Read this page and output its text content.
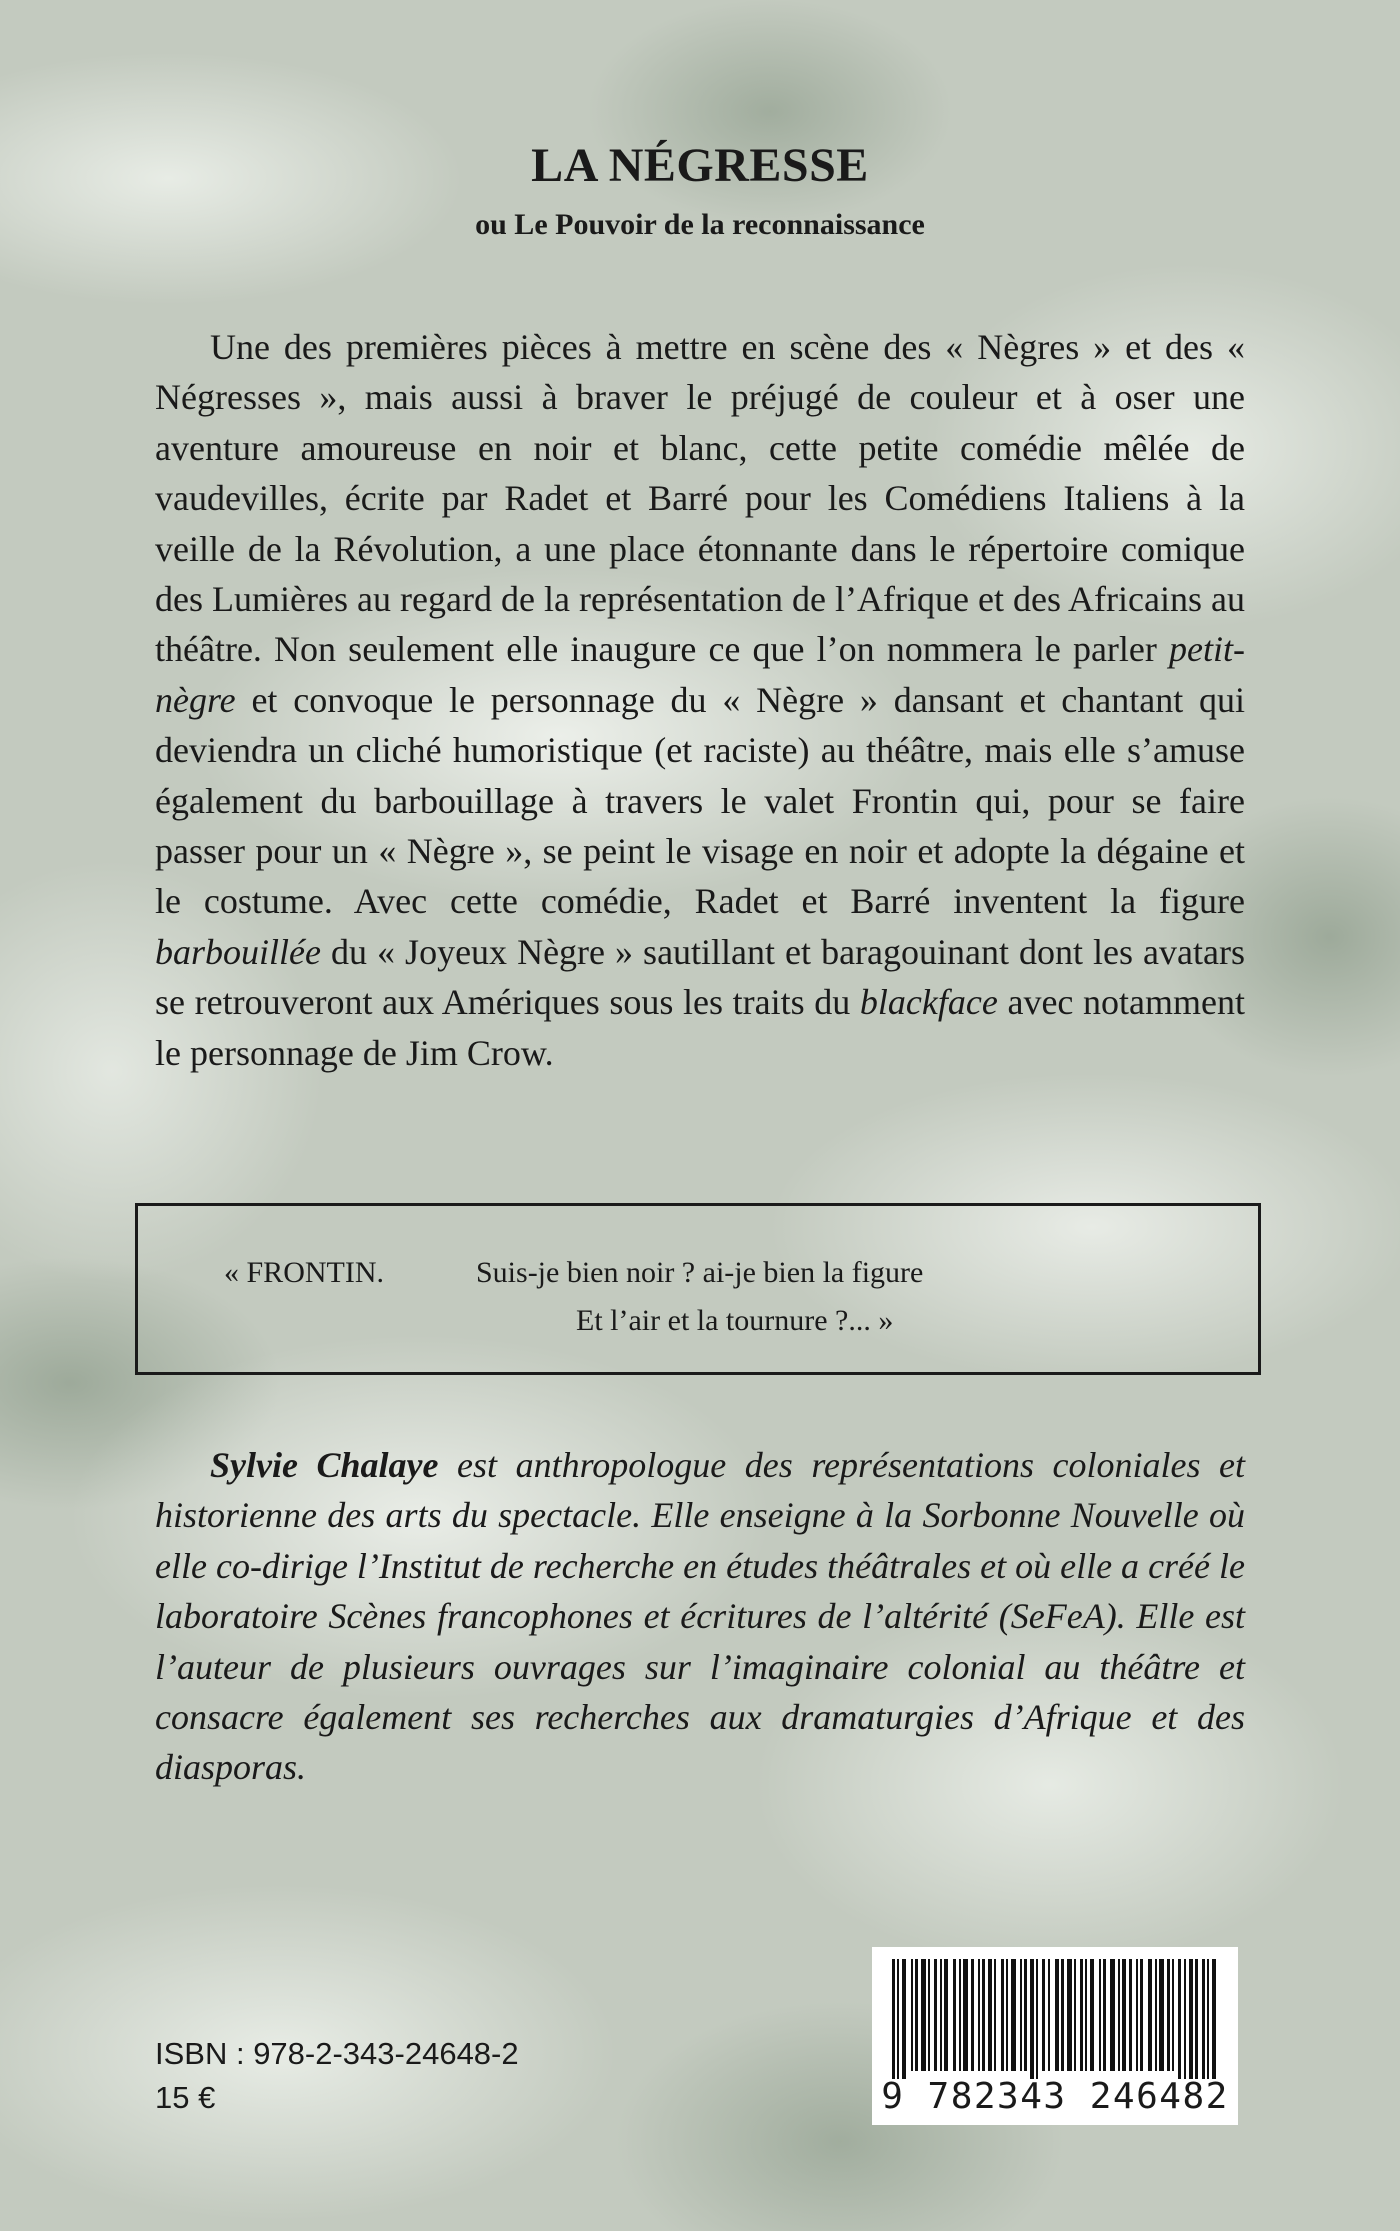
LA NÉGRESSE
ou Le Pouvoir de la reconnaissance

Une des premières pièces à mettre en scène des « Nègres » et des « Négresses », mais aussi à braver le préjugé de couleur et à oser une aventure amoureuse en noir et blanc, cette petite comédie mêlée de vaudevilles, écrite par Radet et Barré pour les Comédiens Italiens à la veille de la Révolution, a une place étonnante dans le répertoire comique des Lumières au regard de la représentation de l’Afrique et des Africains au théâtre. Non seulement elle inaugure ce que l’on nommera le parler petit-nègre et convoque le personnage du « Nègre » dansant et chantant qui deviendra un cliché humoristique (et raciste) au théâtre, mais elle s’amuse également du barbouillage à travers le valet Frontin qui, pour se faire passer pour un « Nègre », se peint le visage en noir et adopte la dégaine et le costume. Avec cette comédie, Radet et Barré inventent la figure barbouillée du « Joyeux Nègre » sautillant et baragouinant dont les avatars se retrouveront aux Amériques sous les traits du blackface avec notamment le personnage de Jim Crow.

« FRONTIN.	Suis-je bien noir ? ai-je bien la figure
Et l’air et la tournure ?... »

Sylvie Chalaye est anthropologue des représentations coloniales et historienne des arts du spectacle. Elle enseigne à la Sorbonne Nouvelle où elle co-dirige l’Institut de recherche en études théâtrales et où elle a créé le laboratoire Scènes francophones et écritures de l’altérité (SeFeA). Elle est l’auteur de plusieurs ouvrages sur l’imaginaire colonial au théâtre et consacre également ses recherches aux dramaturgies d’Afrique et des diasporas.

ISBN : 978-2-343-24648-2
15 €	9 782343 246482
